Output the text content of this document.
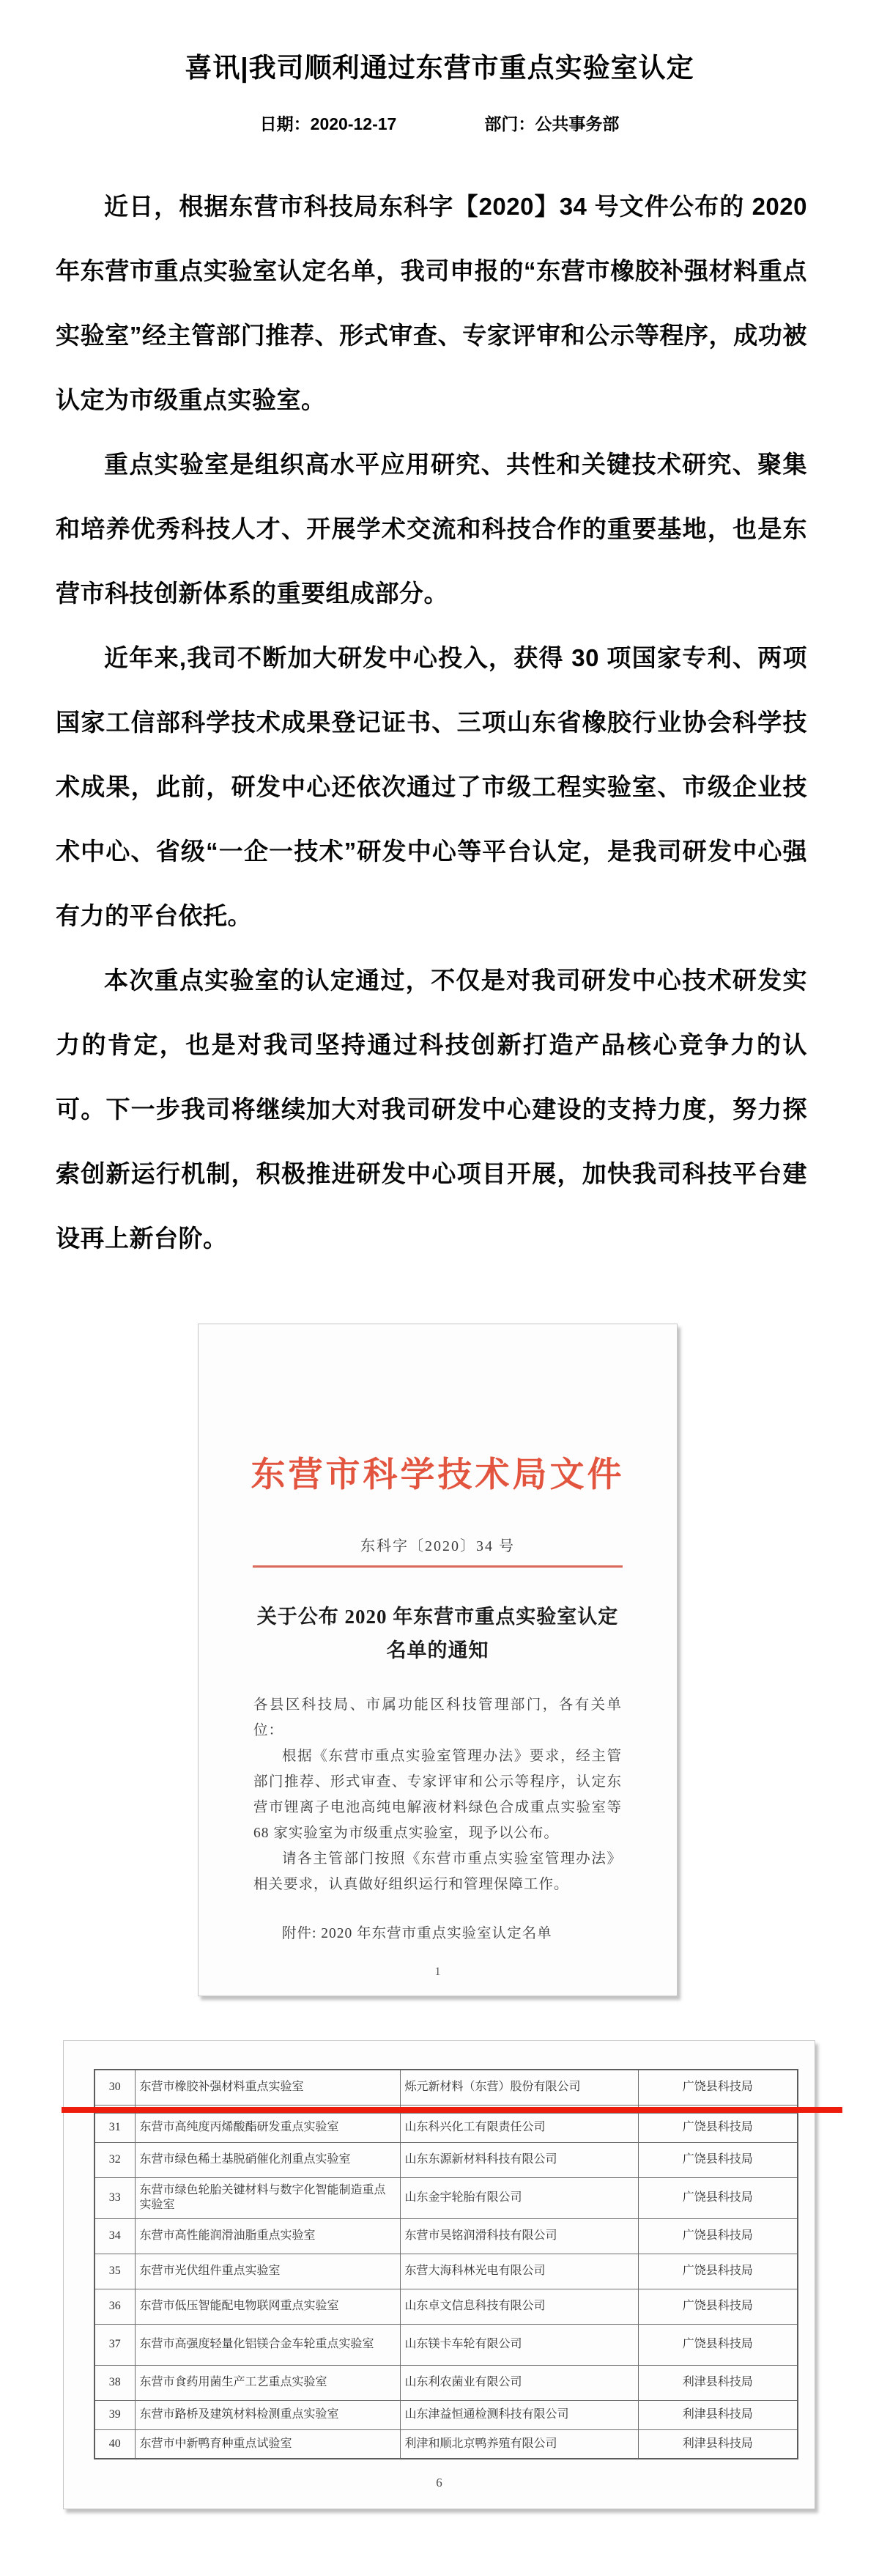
喜讯|我司顺利通过东营市重点实验室认定
日期：2020-12-17	部门：公共事务部

近日，根据东营市科技局东科字【2020】34 号文件公布的 2020 年东营市重点实验室认定名单，我司申报的“东营市橡胶补强材料重点实验室”经主管部门推荐、形式审查、专家评审和公示等程序，成功被认定为市级重点实验室。

重点实验室是组织高水平应用研究、共性和关键技术研究、聚集和培养优秀科技人才、开展学术交流和科技合作的重要基地，也是东营市科技创新体系的重要组成部分。

近年来,我司不断加大研发中心投入，获得 30 项国家专利、两项国家工信部科学技术成果登记证书、三项山东省橡胶行业协会科学技术成果，此前，研发中心还依次通过了市级工程实验室、市级企业技术中心、省级“一企一技术”研发中心等平台认定，是我司研发中心强有力的平台依托。

本次重点实验室的认定通过，不仅是对我司研发中心技术研发实力的肯定，也是对我司坚持通过科技创新打造产品核心竞争力的认可。下一步我司将继续加大对我司研发中心建设的支持力度，努力探索创新运行机制，积极推进研发中心项目开展，加快我司科技平台建设再上新台阶。

东营市科学技术局文件
东科字〔2020〕34 号
关于公布 2020 年东营市重点实验室认定
名单的通知

各县区科技局、市属功能区科技管理部门，各有关单位：

根据《东营市重点实验室管理办法》要求，经主管部门推荐、形式审查、专家评审和公示等程序，认定东营市锂离子电池高纯电解液材料绿色合成重点实验室等 68 家实验室为市级重点实验室，现予以公布。

请各主管部门按照《东营市重点实验室管理办法》相关要求，认真做好组织运行和管理保障工作。

附件: 2020 年东营市重点实验室认定名单
1
30	东营市橡胶补强材料重点实验室	烁元新材料（东营）股份有限公司	广饶县科技局

31	东营市高纯度丙烯酸酯研发重点实验室	山东科兴化工有限责任公司	广饶县科技局
32	东营市绿色稀土基脱硝催化剂重点实验室	山东东源新材料科技有限公司	广饶县科技局
33	东营市绿色轮胎关键材料与数字化智能制造重点实验室	山东金宇轮胎有限公司	广饶县科技局
34	东营市高性能润滑油脂重点实验室	东营市昊铭润滑科技有限公司	广饶县科技局
35	东营市光伏组件重点实验室	东营大海科林光电有限公司	广饶县科技局
36	东营市低压智能配电物联网重点实验室	山东卓文信息科技有限公司	广饶县科技局
37	东营市高强度轻量化铝镁合金车轮重点实验室	山东镁卡车轮有限公司	广饶县科技局
38	东营市食药用菌生产工艺重点实验室	山东利农菌业有限公司	利津县科技局
39	东营市路桥及建筑材料检测重点实验室	山东津益恒通检测科技有限公司	利津县科技局
40	东营市中新鸭育种重点试验室	利津和顺北京鸭养殖有限公司	利津县科技局
6
